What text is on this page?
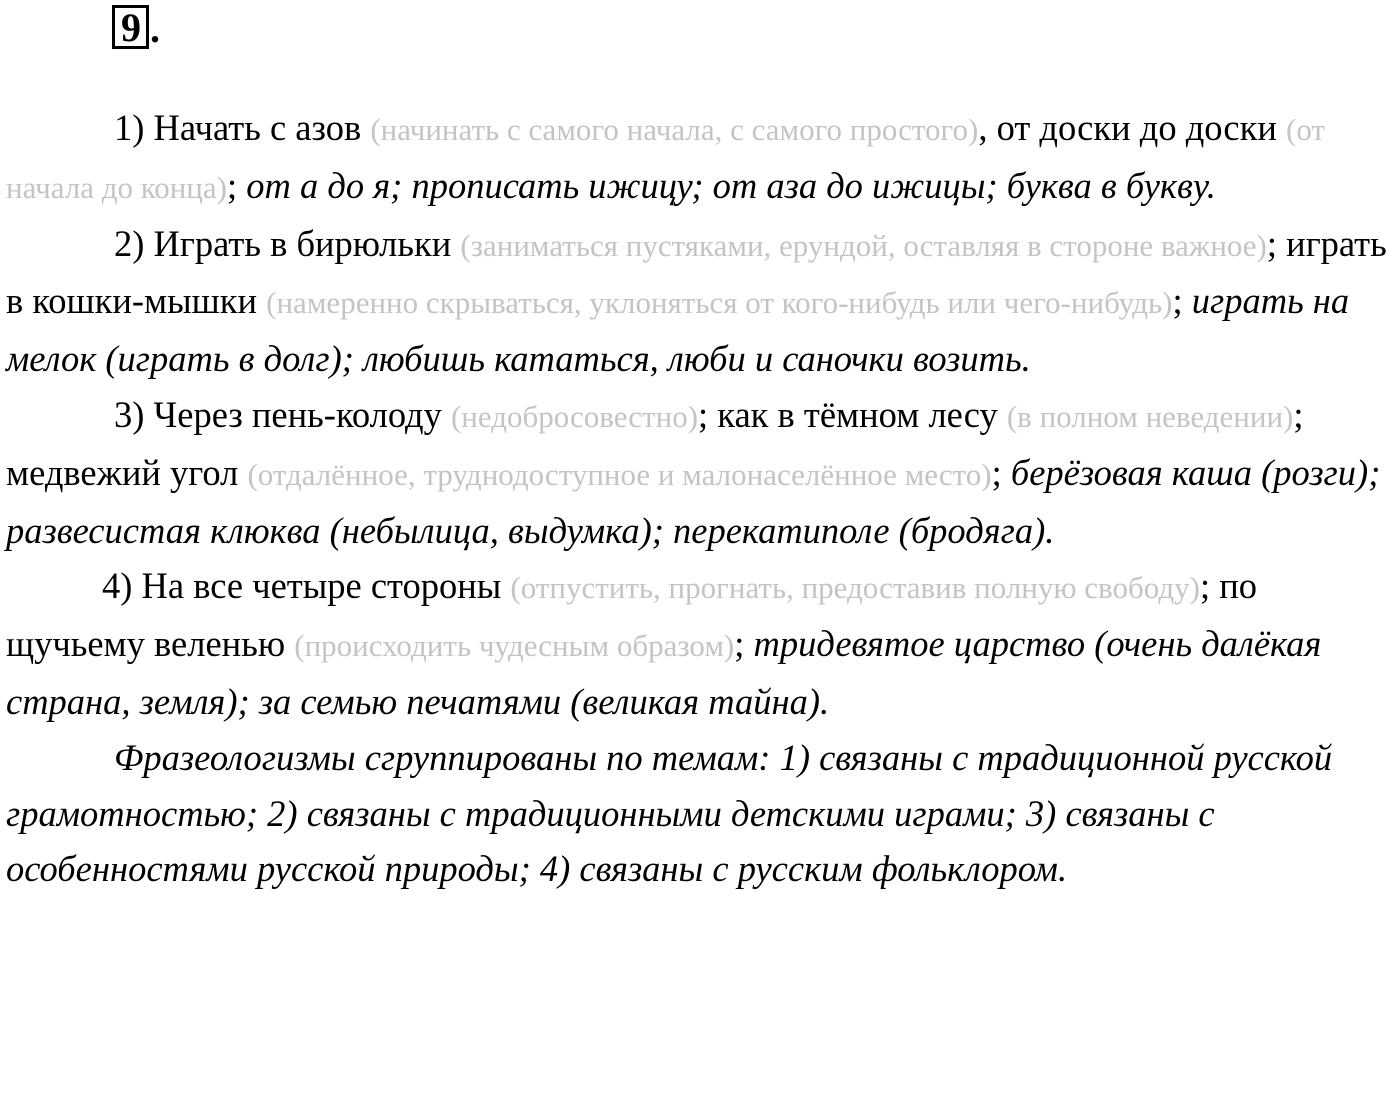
9 .

1) Начать с азов (начинать с самого начала, с самого простого), от доски до доски (от начала до конца); от а до я; прописать ижицу; от аза до ижицы; буква в букву.

2) Играть в бирюльки (заниматься пустяками, ерундой, оставляя в стороне важное); играть в кошки-мышки (намеренно скрываться, уклоняться от кого-нибудь или чего-нибудь); играть на мелок (играть в долг); любишь кататься, люби и саночки возить.

3) Через пень-колоду (недобросовестно); как в тёмном лесу (в полном неведении); медвежий угол (отдалённое, труднодоступное и малонаселённое место); берёзовая каша (розги); развесистая клюква (небылица, выдумка); перекатиполе (бродяга).

4) На все четыре стороны (отпустить, прогнать, предоставив полную свободу); по щучьему веленью (происходить чудесным образом); тридевятое царство (очень далёкая страна, земля); за семью печатями (великая тайна).

Фразеологизмы сгруппированы по темам: 1) связаны с традиционной русской грамотностью; 2) связаны с традиционными детскими играми; 3) связаны с особенностями русской природы; 4) связаны с русским фольклором.
